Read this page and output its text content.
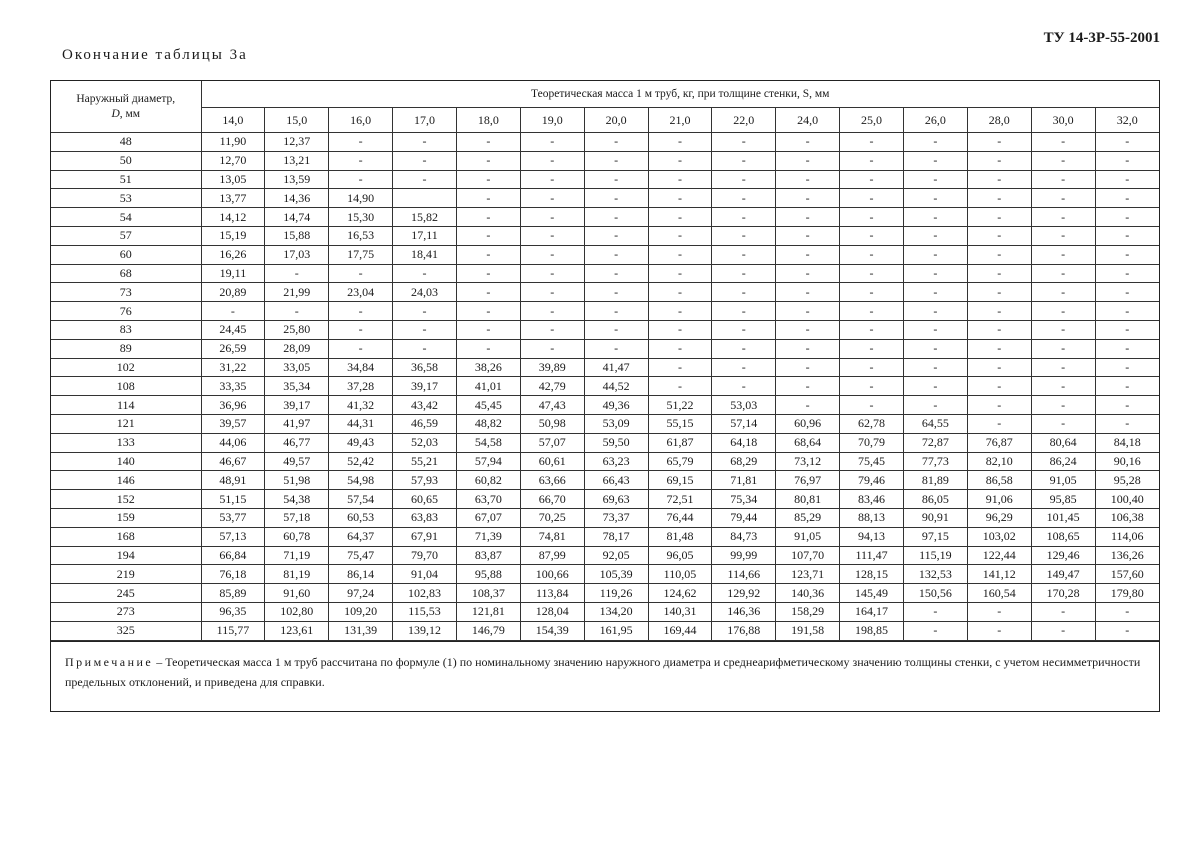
ТУ 14-3Р-55-2001
Окончание таблицы 3а
Наружный диаметр,
D, мм	Теоретическая масса 1 м труб, кг, при толщине стенки, S, мм														
	14,0	15,0	16,0	17,0	18,0	19,0	20,0	21,0	22,0	24,0	25,0	26,0	28,0	30,0	32,0
48	11,90	12,37	-	-	-	-	-	-	-	-	-	-	-	-	-
50	12,70	13,21	-	-	-	-	-	-	-	-	-	-	-	-	-
51	13,05	13,59	-	-	-	-	-	-	-	-	-	-	-	-	-
53	13,77	14,36	14,90		-	-	-	-	-	-	-	-	-	-	-
54	14,12	14,74	15,30	15,82	-	-	-	-	-	-	-	-	-	-	-
57	15,19	15,88	16,53	17,11	-	-	-	-	-	-	-	-	-	-	-
60	16,26	17,03	17,75	18,41	-	-	-	-	-	-	-	-	-	-	-
68	19,11	-	-	-	-	-	-	-	-	-	-	-	-	-	-
73	20,89	21,99	23,04	24,03	-	-	-	-	-	-	-	-	-	-	-
76	-	-	-	-	-	-	-	-	-	-	-	-	-	-	-
83	24,45	25,80	-	-	-	-	-	-	-	-	-	-	-	-	-
89	26,59	28,09	-	-	-	-	-	-	-	-	-	-	-	-	-
102	31,22	33,05	34,84	36,58	38,26	39,89	41,47	-	-	-	-	-	-	-	-
108	33,35	35,34	37,28	39,17	41,01	42,79	44,52	-	-	-	-	-	-	-	-
114	36,96	39,17	41,32	43,42	45,45	47,43	49,36	51,22	53,03	-	-	-	-	-	-
121	39,57	41,97	44,31	46,59	48,82	50,98	53,09	55,15	57,14	60,96	62,78	64,55	-	-	-
133	44,06	46,77	49,43	52,03	54,58	57,07	59,50	61,87	64,18	68,64	70,79	72,87	76,87	80,64	84,18
140	46,67	49,57	52,42	55,21	57,94	60,61	63,23	65,79	68,29	73,12	75,45	77,73	82,10	86,24	90,16
146	48,91	51,98	54,98	57,93	60,82	63,66	66,43	69,15	71,81	76,97	79,46	81,89	86,58	91,05	95,28
152	51,15	54,38	57,54	60,65	63,70	66,70	69,63	72,51	75,34	80,81	83,46	86,05	91,06	95,85	100,40
159	53,77	57,18	60,53	63,83	67,07	70,25	73,37	76,44	79,44	85,29	88,13	90,91	96,29	101,45	106,38
168	57,13	60,78	64,37	67,91	71,39	74,81	78,17	81,48	84,73	91,05	94,13	97,15	103,02	108,65	114,06
194	66,84	71,19	75,47	79,70	83,87	87,99	92,05	96,05	99,99	107,70	111,47	115,19	122,44	129,46	136,26
219	76,18	81,19	86,14	91,04	95,88	100,66	105,39	110,05	114,66	123,71	128,15	132,53	141,12	149,47	157,60
245	85,89	91,60	97,24	102,83	108,37	113,84	119,26	124,62	129,92	140,36	145,49	150,56	160,54	170,28	179,80
273	96,35	102,80	109,20	115,53	121,81	128,04	134,20	140,31	146,36	158,29	164,17	-	-	-	-
325	115,77	123,61	131,39	139,12	146,79	154,39	161,95	169,44	176,88	191,58	198,85	-	-	-	-
Примечание – Теоретическая масса 1 м труб рассчитана по формуле (1) по номинальному значению наружного диаметра и среднеарифметическому значению толщины стенки, с учетом несимметричности предельных отклонений, и приведена для справки.
